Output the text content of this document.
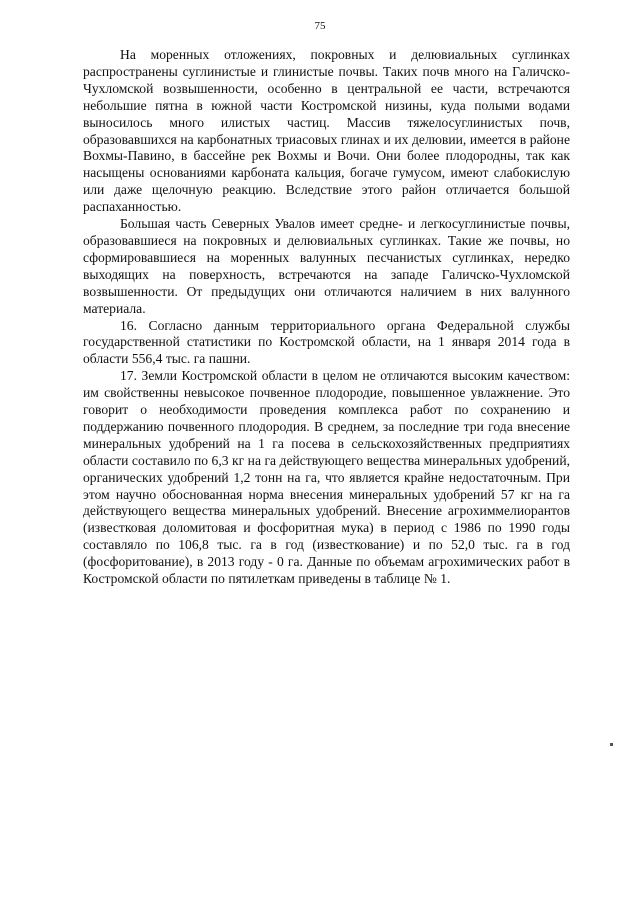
75

На моренных отложениях, покровных и делювиальных суглинках распространены суглинистые и глинистые почвы. Таких почв много на Галичско-Чухломской возвышенности, особенно в центральной ее части, встречаются небольшие пятна в южной части Костромской низины, куда полыми водами выносилось много илистых частиц. Массив тяжелосуглинистых почв, образовавшихся на карбонатных триасовых глинах и их делювии, имеется в районе Вохмы-Павино, в бассейне рек Вохмы и Вочи. Они более плодородны, так как насыщены основаниями карбоната кальция, богаче гумусом, имеют слабокислую или даже щелочную реакцию. Вследствие этого район отличается большой распаханностью.

Большая часть Северных Увалов имеет средне- и легкосуглинистые почвы, образовавшиеся на покровных и делювиальных суглинках. Такие же почвы, но сформировавшиеся на моренных валунных песчанистых суглинках, нередко выходящих на поверхность, встречаются на западе Галичско-Чухломской возвышенности. От предыдущих они отличаются наличием в них валунного материала.

16. Согласно данным территориального органа Федеральной службы государственной статистики по Костромской области, на 1 января 2014 года в области 556,4 тыс. га пашни.

17. Земли Костромской области в целом не отличаются высоким качеством: им свойственны невысокое почвенное плодородие, повышенное увлажнение. Это говорит о необходимости проведения комплекса работ по сохранению и поддержанию почвенного плодородия. В среднем, за последние три года внесение минеральных удобрений на 1 га посева в сельскохозяйственных предприятиях области составило по 6,3 кг на га действующего вещества минеральных удобрений, органических удобрений 1,2 тонн на га, что является крайне недостаточным. При этом научно обоснованная норма внесения минеральных удобрений 57 кг на га действующего вещества минеральных удобрений. Внесение агрохиммелиорантов (известковая доломитовая и фосфоритная мука) в период с 1986 по 1990 годы составляло по 106,8 тыс. га в год (известкование) и по 52,0 тыс. га в год (фосфоритование), в 2013 году - 0 га. Данные по объемам агрохимических работ в Костромской области по пятилеткам приведены в таблице № 1.
